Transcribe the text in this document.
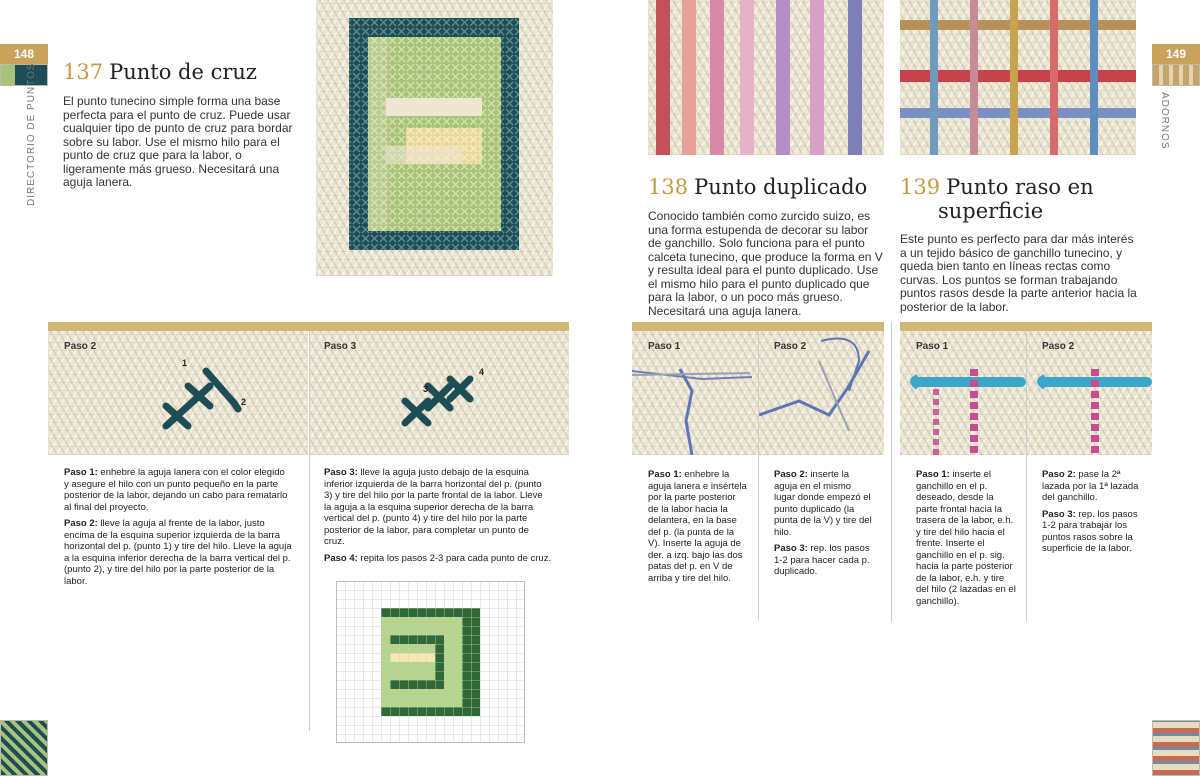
148
DIRECTORIO DE PUNTOS 137 Punto de cruz
El punto tunecino simple forma una base perfecta para el punto de cruz. Puede usar cualquier tipo de punto de cruz para bordar sobre su labor. Use el mismo hilo para el punto de cruz que para la labor, o ligeramente más grueso. Necesitará una aguja lanera.
Paso 2
1
2
Paso 3
3
4

Paso 1: enhebre la aguja lanera con el color elegido y asegure el hilo con un punto pequeño en la parte posterior de la labor, dejando un cabo para rematarlo al final del proyecto.

Paso 2: lleve la aguja al frente de la labor, justo encima de la esquina superior izquierda de la barra horizontal del p. (punto 1) y tire del hilo. Lleve la aguja a la esquina inferior derecha de la barra vertical del p. (punto 2), y tire del hilo por la parte posterior de la labor.

Paso 3: lleve la aguja justo debajo de la esquina inferior izquierda de la barra horizontal del p. (punto 3) y tire del hilo por la parte frontal de la labor. Lleve la aguja a la esquina superior derecha de la barra vertical del p. (punto 4) y tire del hilo por la parte posterior de la labor, para completar un punto de cruz.

Paso 4: repita los pasos 2-3 para cada punto de cruz.

149
ADORNOS
138 Punto duplicado
Conocido también como zurcido suizo, es una forma estupenda de decorar su labor de ganchillo. Solo funciona para el punto calceta tunecino, que produce la forma en V y resulta ideal para el punto duplicado. Use el mismo hilo para el punto duplicado que para la labor, o un poco más grueso. Necesitará una aguja lanera.
139 Punto raso en
superficie
Este punto es perfecto para dar más interés a un tejido básico de ganchillo tunecino, y queda bien tanto en líneas rectas como curvas. Los puntos se forman trabajando puntos rasos desde la parte anterior hacia la posterior de la labor.
Paso 1	Paso 2	Paso 1	Paso 2

Paso 1: enhebre la aguja lanera e insértela por la parte posterior de la labor hacia la delantera, en la base del p. (la punta de la V). Inserte la aguja de der. a izq. bajo las dos patas del p. en V de arriba y tire del hilo.

Paso 2: inserte la aguja en el mismo lugar donde empezó el punto duplicado (la punta de la V) y tire del hilo.

Paso 3: rep. los pasos 1-2 para hacer cada p. duplicado.

Paso 1: inserte el ganchillo en el p. deseado, desde la parte frontal hacia la trasera de la labor, e.h. y tire del hilo hacia el frente. Inserte el ganchillo en el p. sig. hacia la parte posterior de la labor, e.h. y tire del hilo (2 lazadas en el ganchillo).

Paso 2: pase la 2ª lazada por la 1ª lazada del ganchillo.

Paso 3: rep. los pasos 1-2 para trabajar los puntos rasos sobre la superficie de la labor.
